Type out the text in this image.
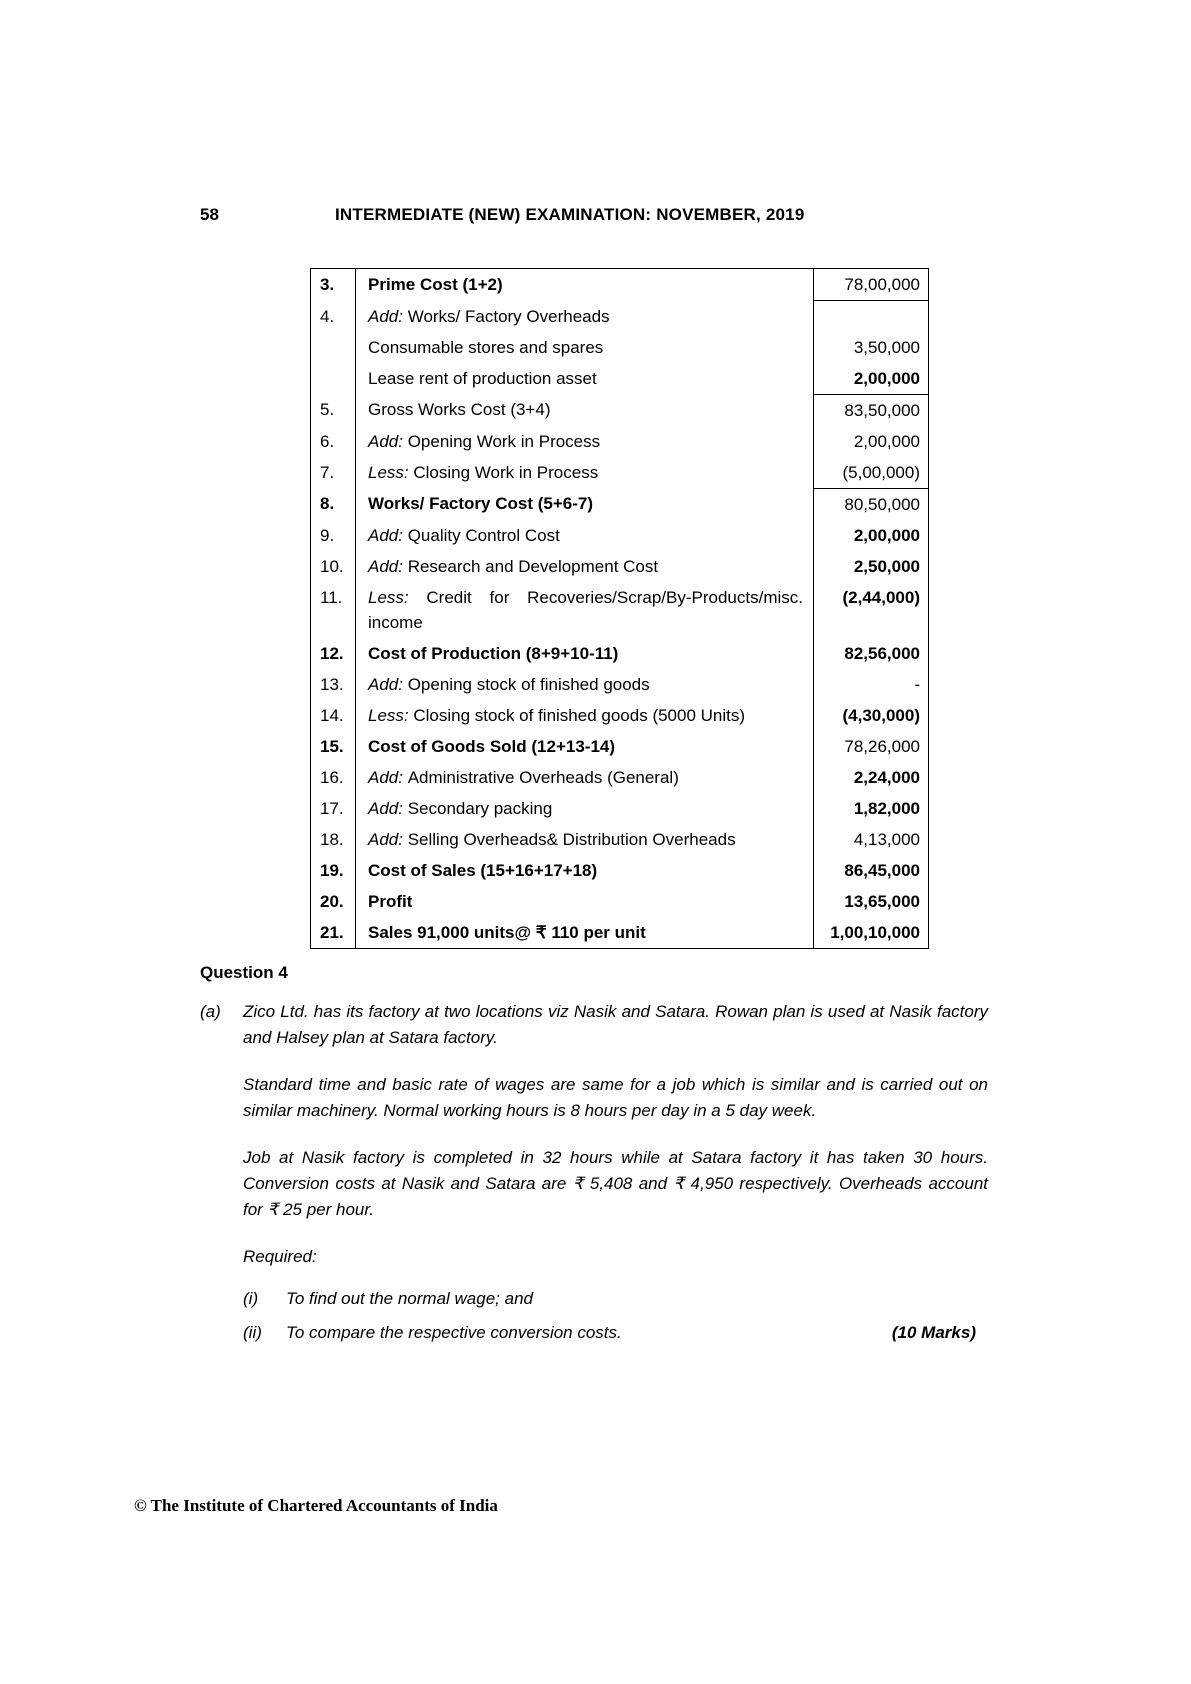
58	INTERMEDIATE (NEW) EXAMINATION: NOVEMBER, 2019
3.	Prime Cost (1+2)	78,00,000
4.	Add: Works/ Factory Overheads	
	Consumable stores and spares	3,50,000
	Lease rent of production asset	2,00,000
5.	Gross Works Cost (3+4)	83,50,000
6.	Add: Opening Work in Process	2,00,000
7.	Less: Closing Work in Process	(5,00,000)
8.	Works/ Factory Cost (5+6-7)	80,50,000
9.	Add: Quality Control Cost	2,00,000
10.	Add: Research and Development Cost	2,50,000
11.	Less: Credit for Recoveries/Scrap/By-Products/misc. income	(2,44,000)
12.	Cost of Production (8+9+10-11)	82,56,000
13.	Add: Opening stock of finished goods	-
14.	Less: Closing stock of finished goods (5000 Units)	(4,30,000)
15.	Cost of Goods Sold (12+13-14)	78,26,000
16.	Add: Administrative Overheads (General)	2,24,000
17.	Add: Secondary packing	1,82,000
18.	Add: Selling Overheads& Distribution Overheads	4,13,000
19.	Cost of Sales (15+16+17+18)	86,45,000
20.	Profit	13,65,000
21.	Sales 91,000 units@ ₹ 110 per unit	1,00,10,000
Question 4
(a)	Zico Ltd. has its factory at two locations viz Nasik and Satara. Rowan plan is used at Nasik factory and Halsey plan at Satara factory.

Standard time and basic rate of wages are same for a job which is similar and is carried out on similar machinery. Normal working hours is 8 hours per day in a 5 day week.

Job at Nasik factory is completed in 32 hours while at Satara factory it has taken 30 hours. Conversion costs at Nasik and Satara are ₹ 5,408 and ₹ 4,950 respectively. Overheads account for ₹ 25 per hour.

Required:

(i)	To find out the normal wage; and
(ii)	To compare the respective conversion costs.	(10 Marks)
© The Institute of Chartered Accountants of India
